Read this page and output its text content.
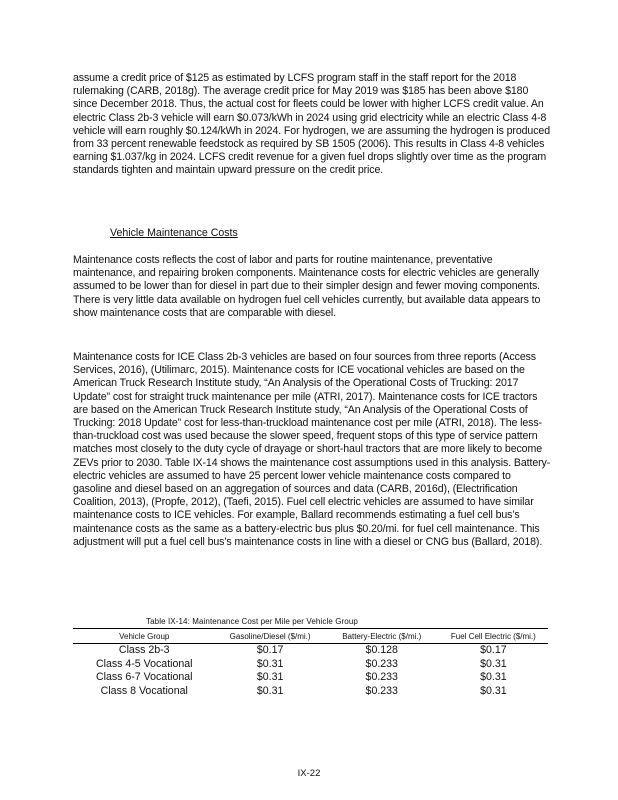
assume a credit price of $125 as estimated by LCFS program staff in the staff report for the 2018 rulemaking (CARB, 2018g). The average credit price for May 2019 was $185 has been above $180 since December 2018. Thus, the actual cost for fleets could be lower with higher LCFS credit value. An electric Class 2b-3 vehicle will earn $0.073/kWh in 2024 using grid electricity while an electric Class 4-8 vehicle will earn roughly $0.124/kWh in 2024. For hydrogen, we are assuming the hydrogen is produced from 33 percent renewable feedstock as required by SB 1505 (2006). This results in Class 4-8 vehicles earning $1.037/kg in 2024. LCFS credit revenue for a given fuel drops slightly over time as the program standards tighten and maintain upward pressure on the credit price.

Vehicle Maintenance Costs

Maintenance costs reflects the cost of labor and parts for routine maintenance, preventative maintenance, and repairing broken components. Maintenance costs for electric vehicles are generally assumed to be lower than for diesel in part due to their simpler design and fewer moving components. There is very little data available on hydrogen fuel cell vehicles currently, but available data appears to show maintenance costs that are comparable with diesel.

Maintenance costs for ICE Class 2b-3 vehicles are based on four sources from three reports (Access Services, 2016), (Utilimarc, 2015). Maintenance costs for ICE vocational vehicles are based on the American Truck Research Institute study, “An Analysis of the Operational Costs of Trucking: 2017 Update” cost for straight truck maintenance per mile (ATRI, 2017). Maintenance costs for ICE tractors are based on the American Truck Research Institute study, “An Analysis of the Operational Costs of Trucking: 2018 Update” cost for less-than-truckload maintenance cost per mile (ATRI, 2018). The less-than-truckload cost was used because the slower speed, frequent stops of this type of service pattern matches most closely to the duty cycle of drayage or short-haul tractors that are more likely to become ZEVs prior to 2030. Table IX-14 shows the maintenance cost assumptions used in this analysis. Battery-electric vehicles are assumed to have 25 percent lower vehicle maintenance costs compared to gasoline and diesel based on an aggregation of sources and data (CARB, 2016d), (Electrification Coalition, 2013), (Propfe, 2012), (Taefi, 2015). Fuel cell electric vehicles are assumed to have similar maintenance costs to ICE vehicles. For example, Ballard recommends estimating a fuel cell bus’s maintenance costs as the same as a battery-electric bus plus $0.20/mi. for fuel cell maintenance. This adjustment will put a fuel cell bus’s maintenance costs in line with a diesel or CNG bus (Ballard, 2018).

Table IX-14: Maintenance Cost per Mile per Vehicle Group

Vehicle Group	Gasoline/Diesel ($/mi.)	Battery-Electric ($/mi.)	Fuel Cell Electric ($/mi.)
Class 2b-3	$0.17	$0.128	$0.17
Class 4-5 Vocational	$0.31	$0.233	$0.31
Class 6-7 Vocational	$0.31	$0.233	$0.31
Class 8 Vocational	$0.31	$0.233	$0.31

IX-22
